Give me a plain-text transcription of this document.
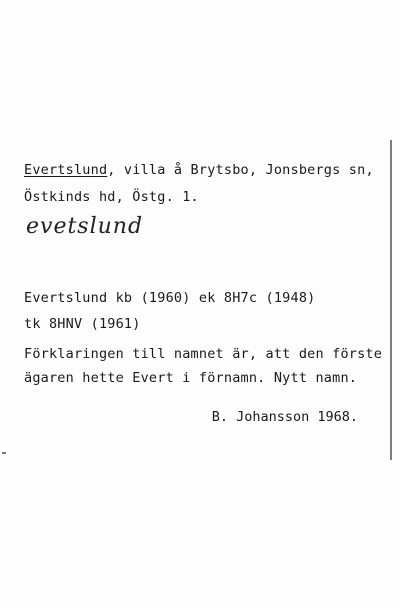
Evertslund, villa å Brytsbo, Jonsbergs sn,
Östkinds hd, Östg. 1.
evetslund
Evertslund kb (1960) ek 8H7c (1948)
tk 8HNV (1961)
Förklaringen till namnet är, att den förste
ägaren hette Evert i förnamn. Nytt namn.
B. Johansson 1968.
